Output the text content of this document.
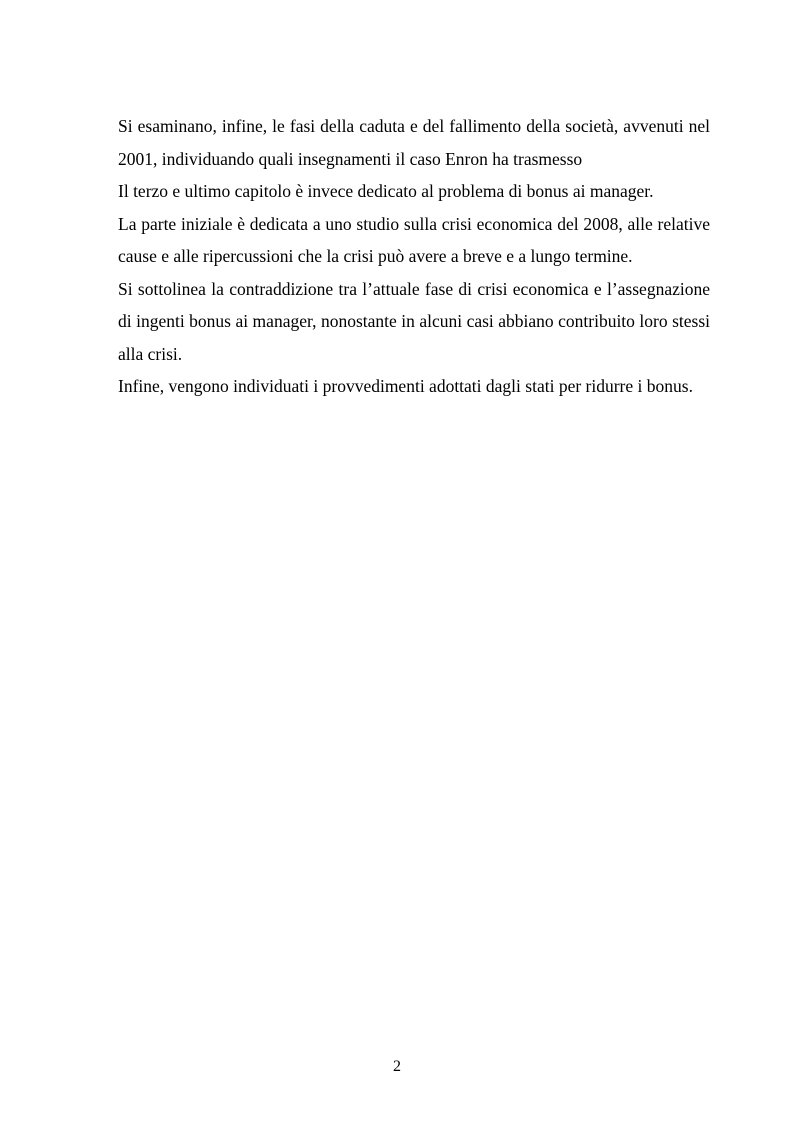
Si esaminano, infine, le fasi della caduta e del fallimento della società, avvenuti nel 2001, individuando quali insegnamenti il caso Enron ha trasmesso

Il terzo e ultimo capitolo è invece dedicato al problema di bonus ai manager.

La parte iniziale è dedicata a uno studio sulla crisi economica del 2008, alle relative cause e alle ripercussioni che la crisi può avere a breve e a lungo termine.

Si sottolinea la contraddizione tra l’attuale fase di crisi economica e l’assegnazione di ingenti bonus ai manager, nonostante in alcuni casi abbiano contribuito loro stessi alla crisi.

Infine, vengono individuati i provvedimenti adottati dagli stati per ridurre i bonus.

2
